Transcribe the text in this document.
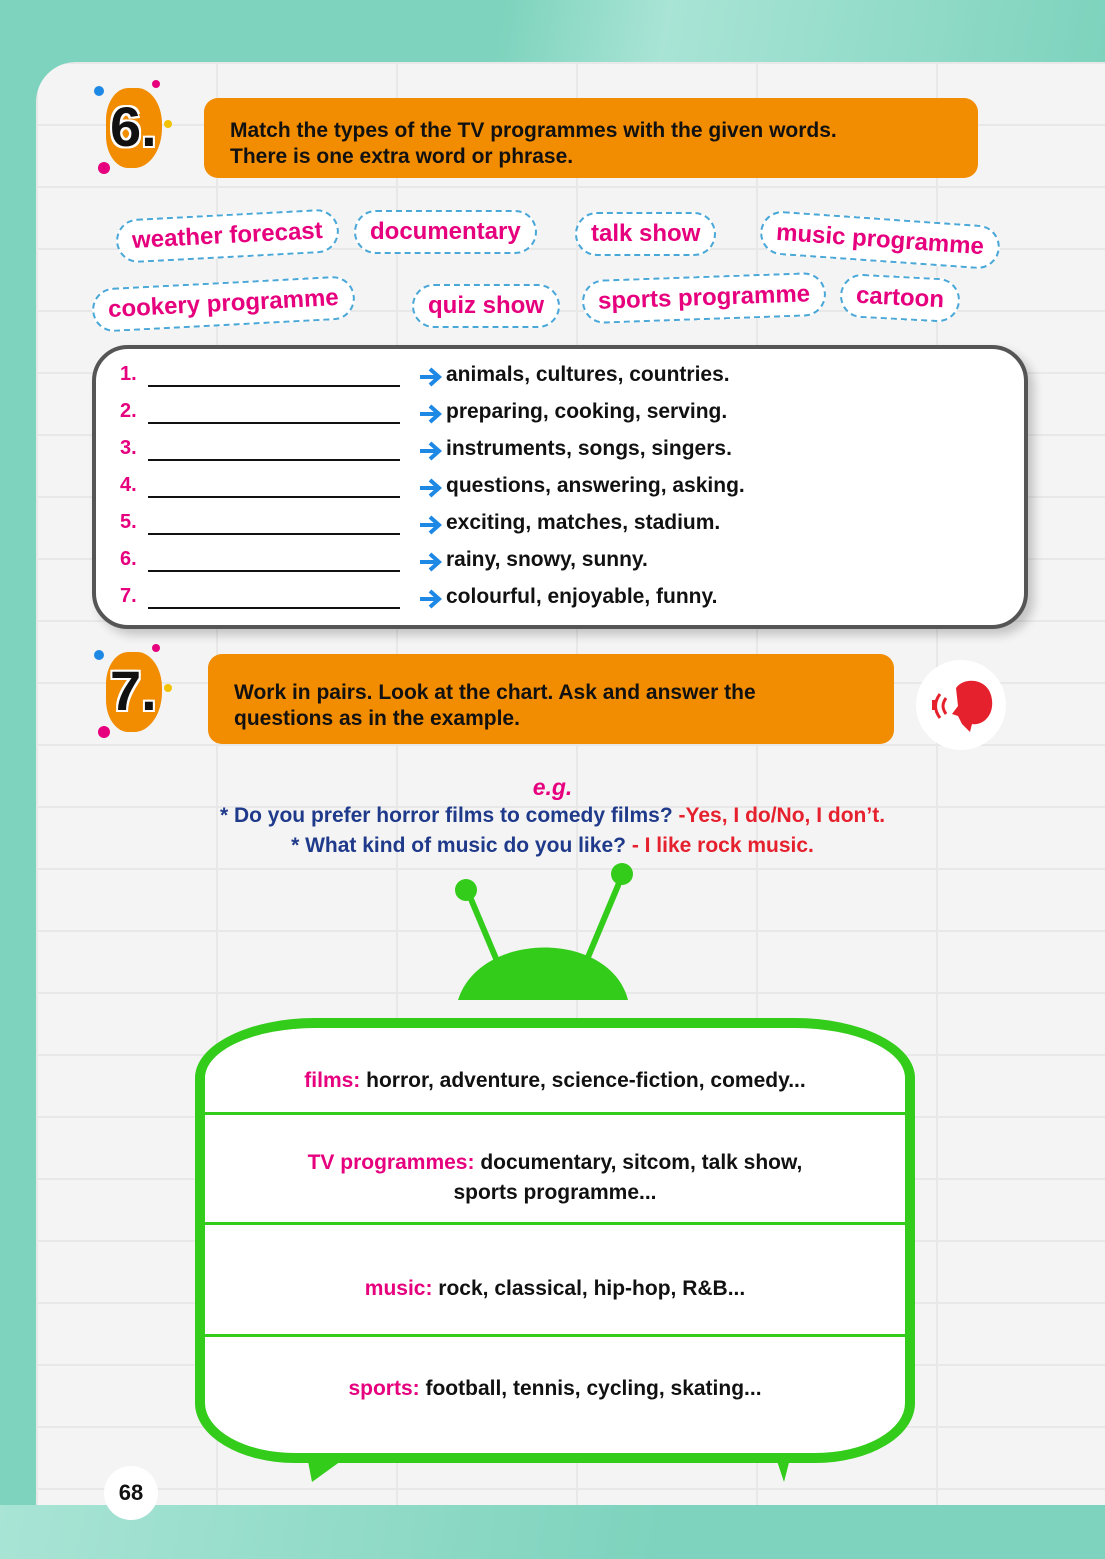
6.	Match the types of the TV programmes with the given words.
There is one extra word or phrase.
weather forecast	documentary	talk show	music programme
cookery programme	quiz show	sports programme	cartoon
1.	animals, cultures, countries.
2.	preparing, cooking, serving.
3.	instruments, songs, singers.
4.	questions, answering, asking.
5.	exciting, matches, stadium.
6.	rainy, snowy, sunny.
7.	colourful, enjoyable, funny.
7.	Work in pairs. Look at the chart. Ask and answer the
questions as in the example.
e.g.
* Do you prefer horror films to comedy films? -Yes, I do/No, I don’t.
* What kind of music do you like? - I like rock music.
films: horror, adventure, science-fiction, comedy...
TV programmes: documentary, sitcom, talk show,
sports programme...
music: rock, classical, hip-hop, R&B...
sports: football, tennis, cycling, skating...
68
